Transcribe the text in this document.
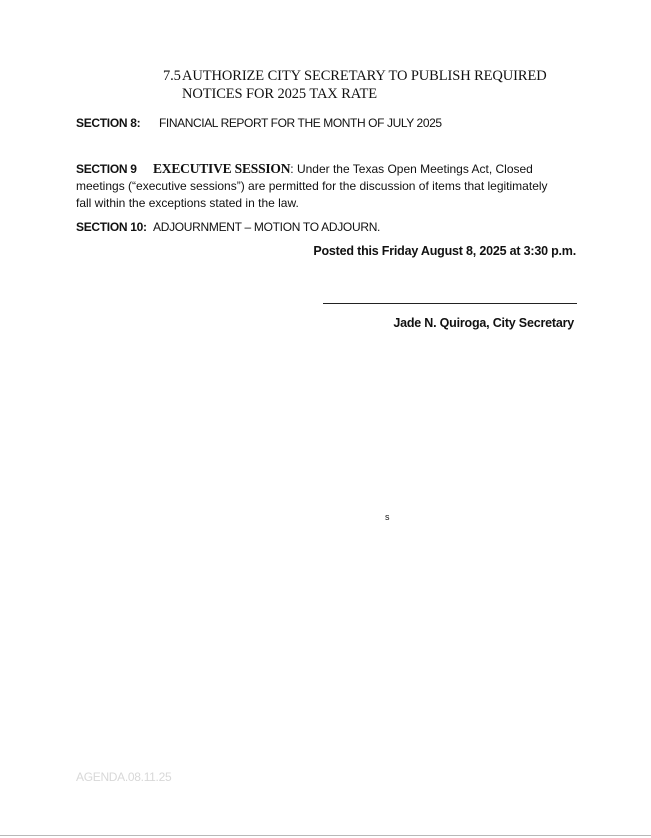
7.5AUTHORIZE CITY SECRETARY TO PUBLISH REQUIRED
NOTICES FOR 2025 TAX RATE
SECTION 8: FINANCIAL REPORT FOR THE MONTH OF JULY 2025
SECTION 9 EXECUTIVE SESSION: Under the Texas Open Meetings Act, Closed meetings (“executive sessions”) are permitted for the discussion of items that legitimately fall within the exceptions stated in the law.
SECTION 10: ADJOURNMENT – MOTION TO ADJOURN.
Posted this Friday August 8, 2025 at 3:30 p.m.
Jade N. Quiroga, City Secretary
s
AGENDA.08.11.25
